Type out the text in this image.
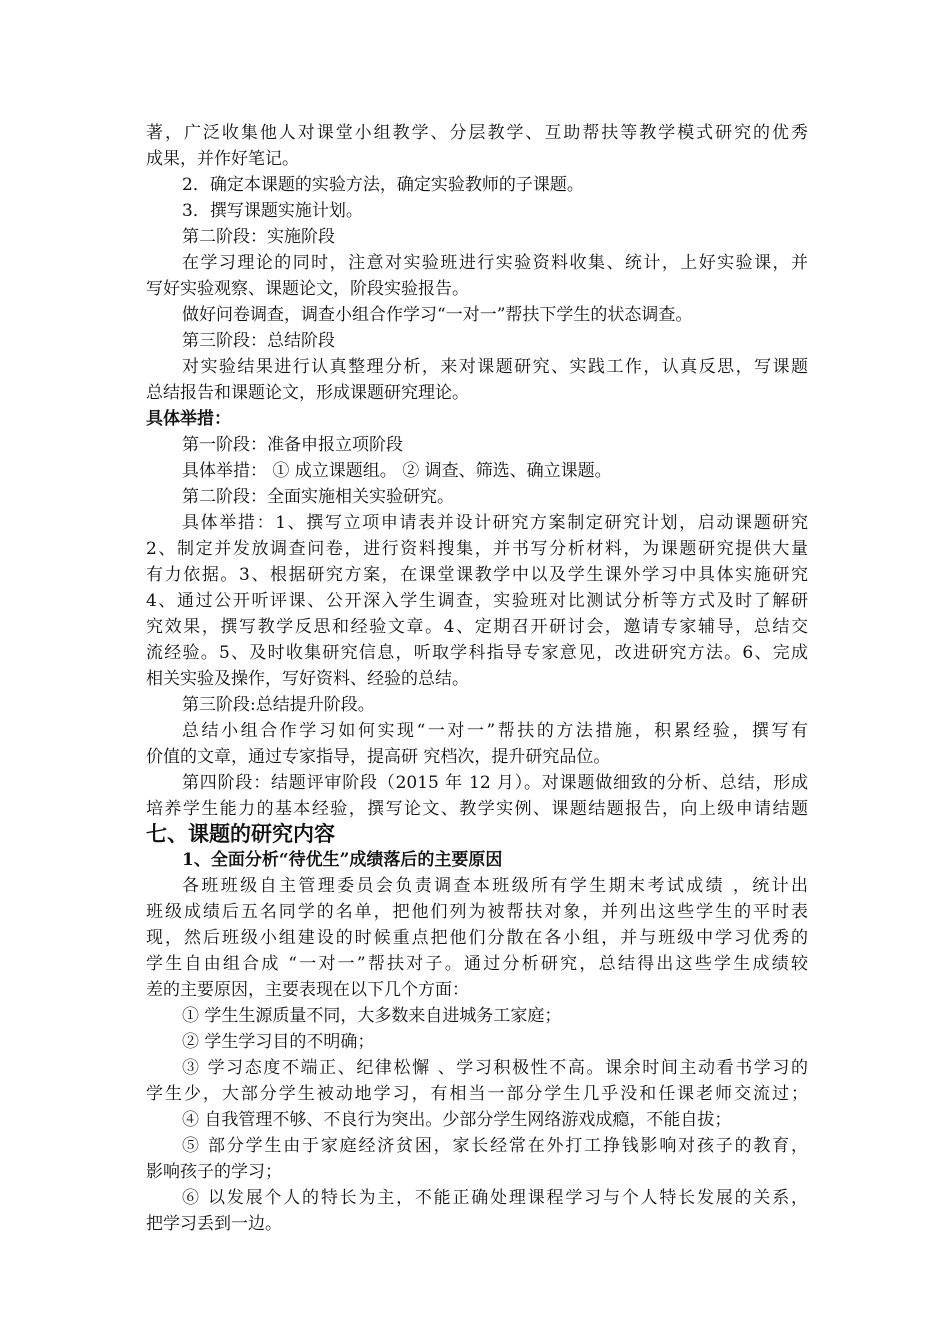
著，广泛收集他人对课堂小组教学、分层教学、互助帮扶等教学模式研究的优秀
成果，并作好笔记。
2．确定本课题的实验方法，确定实验教师的子课题。
3．撰写课题实施计划。
第二阶段：实施阶段
在学习理论的同时，注意对实验班进行实验资料收集、统计，上好实验课，并
写好实验观察、课题论文，阶段实验报告。
做好问卷调查，调查小组合作学习“一对一”帮扶下学生的状态调查。
第三阶段：总结阶段
对实验结果进行认真整理分析，来对课题研究、实践工作，认真反思，写课题
总结报告和课题论文，形成课题研究理论。
具体举措：
第一阶段：准备申报立项阶段
具体举措： ① 成立课题组。 ② 调查、筛选、确立课题。
第二阶段：全面实施相关实验研究。
具体举措：1、撰写立项申请表并设计研究方案制定研究计划，启动课题研究
2、制定并发放调查问卷，进行资料搜集，并书写分析材料，为课题研究提供大量
有力依据。3、根据研究方案，在课堂课教学中以及学生课外学习中具体实施研究
4、通过公开听评课、公开深入学生调查，实验班对比测试分析等方式及时了解研
究效果，撰写教学反思和经验文章。4、定期召开研讨会，邀请专家辅导，总结交
流经验。5、及时收集研究信息，听取学科指导专家意见，改进研究方法。6、完成
相关实验及操作，写好资料、经验的总结。
第三阶段:总结提升阶段。
总结小组合作学习如何实现“一对一”帮扶的方法措施，积累经验，撰写有
价值的文章，通过专家指导，提高研 究档次，提升研究品位。
第四阶段：结题评审阶段（2015 年 12 月）。对课题做细致的分析、总结，形成
培养学生能力的基本经验，撰写论文、教学实例、课题结题报告，向上级申请结题
七、课题的研究内容
1、全面分析“待优生”成绩落后的主要原因
各班班级自主管理委员会负责调查本班级所有学生期末考试成绩 ，统计出
班级成绩后五名同学的名单，把他们列为被帮扶对象，并列出这些学生的平时表
现，然后班级小组建设的时候重点把他们分散在各小组，并与班级中学习优秀的
学生自由组合成 “一对一”帮扶对子。通过分析研究，总结得出这些学生成绩较
差的主要原因，主要表现在以下几个方面：
① 学生生源质量不同，大多数来自进城务工家庭；
② 学生学习目的不明确；
③ 学习态度不端正、纪律松懈 、学习积极性不高。课余时间主动看书学习的
学生少，大部分学生被动地学习，有相当一部分学生几乎没和任课老师交流过；
④ 自我管理不够、不良行为突出。少部分学生网络游戏成瘾，不能自拔；
⑤ 部分学生由于家庭经济贫困，家长经常在外打工挣钱影响对孩子的教育，
影响孩子的学习；
⑥ 以发展个人的特长为主，不能正确处理课程学习与个人特长发展的关系，
把学习丢到一边。
